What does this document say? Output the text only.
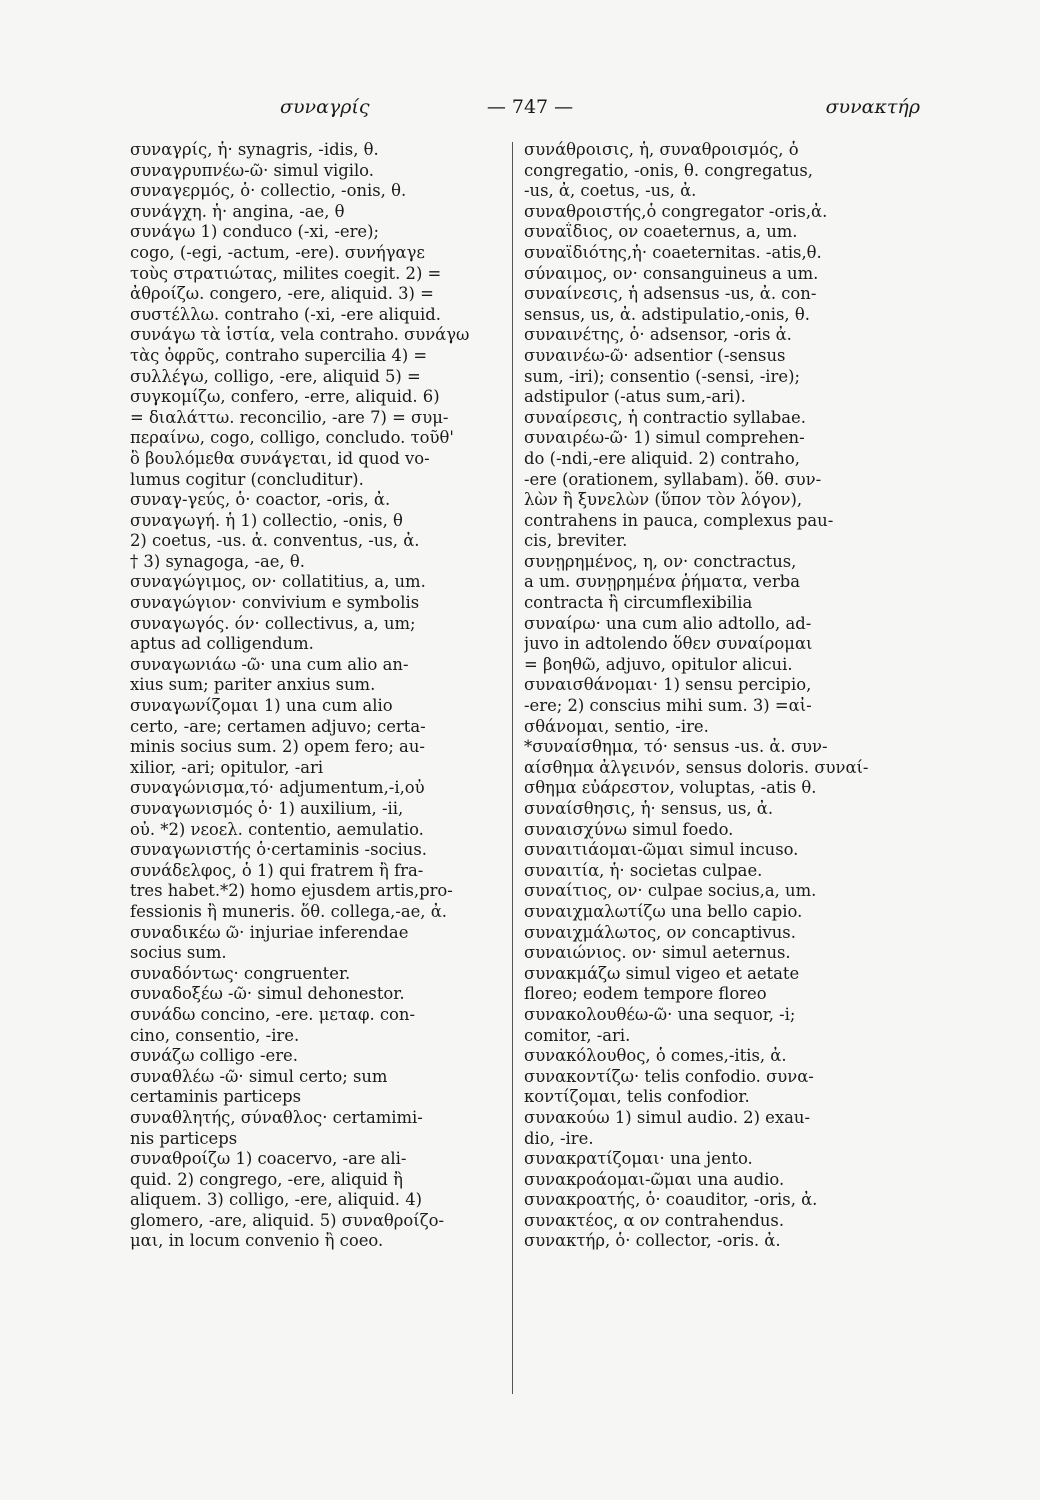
συναγρίς	— 747 —	συνακτήρ
συναγρίς, ἡ· synagris, -idis, θ.
συναγρυπνέω-ῶ· simul vigilo.
συναγερμός, ὁ· collectio, -onis, θ.
συνάγχη. ἡ· angina, -ae, θ
συνάγω 1) conduco (-xi, -ere);
cogo, (-egi, -actum, -ere). συνήγαγε
τοὺς στρατιώτας, milites coegit. 2) =
ἀθροίζω. congero, -ere, aliquid. 3) =
συστέλλω. contraho (-xi, -ere aliquid.
συνάγω τὰ ἱστία, vela contraho. συνάγω
τὰς ὀφρῦς, contraho supercilia 4) =
συλλέγω, colligo, -ere, aliquid 5) =
συγκομίζω, confero, -erre, aliquid. 6)
= διαλάττω. reconcilio, -are 7) = συμ-
περαίνω, cogo, colligo, concludo. τοῦθ'
ὃ βουλόμεθα συνάγεται, id quod vo-
lumus cogitur (concluditur).
συναγ-γεύς, ὁ· coactor, -oris, ἀ.
συναγωγή. ἡ 1) collectio, -onis, θ
2) coetus, -us. ἀ. conventus, -us, ἀ.
† 3) synagoga, -ae, θ.
συναγώγιμος, ον· collatitius, a, um.
συναγώγιον· convivium e symbolis
συναγωγός. όν· collectivus, a, um;
aptus ad colligendum.
συναγωνιάω -ῶ· una cum alio an-
xius sum; pariter anxius sum.
συναγωνίζομαι 1) una cum alio
certo, -are; certamen adjuvo; certa-
minis socius sum. 2) opem fero; au-
xilior, -ari; opitulor, -ari
συναγώνισμα,τό· adjumentum,-i,οὐ
συναγωνισμός ὁ· 1) auxilium, -ii,
οὐ. *2) νεοελ. contentio, aemulatio.
συναγωνιστής ὁ·certaminis -socius.
συνάδελφος, ὁ 1) qui fratrem ἢ fra-
tres habet.*2) homo ejusdem artis,pro-
fessionis ἢ muneris. ὅθ. collega,-ae, ἀ.
συναδικέω ῶ· injuriae inferendae
socius sum.
συναδόντως· congruenter.
συναδοξέω -ῶ· simul dehonestor.
συνάδω concino, -ere. μεταφ. con-
cino, consentio, -ire.
συνάζω colligo -ere.
συναθλέω -ῶ· simul certo; sum
certaminis particeps
συναθλητής, σύναθλος· certamimi-
nis particeps
συναθροίζω 1) coacervo, -are ali-
quid. 2) congrego, -ere, aliquid ἢ
aliquem. 3) colligo, -ere, aliquid. 4)
glomero, -are, aliquid. 5) συναθροίζο-
μαι, in locum convenio ἢ coeo.
συνάθροισις, ἡ, συναθροισμός, ὁ
congregatio, -onis, θ. congregatus,
-us, ἀ, coetus, -us, ἀ.
συναθροιστής,ὁ congregator -oris,ἀ.
συναΐδιος, ον coaeternus, a, um.
συναϊδιότης,ἡ· coaeternitas. -atis,θ.
σύναιμος, ον· consanguineus a um.
συναίνεσις, ἡ adsensus -us, ἀ. con-
sensus, us, ἀ. adstipulatio,-onis, θ.
συναινέτης, ὁ· adsensor, -oris ἀ.
συναινέω-ῶ· adsentior (-sensus
sum, -iri); consentio (-sensi, -ire);
adstipulor (-atus sum,-ari).
συναίρεσις, ἡ contractio syllabae.
συναιρέω-ῶ· 1) simul comprehen-
do (-ndi,-ere aliquid. 2) contraho,
-ere (orationem, syllabam). ὅθ. συν-
λὼν ἢ ξυνελὼν (ὕπον τὸν λόγον),
contrahens in pauca, complexus pau-
cis, breviter.
συνῃρημένος, η, ον· conctractus,
a um. συνῃρημένα ῥήματα, verba
contracta ἢ circumflexibilia
συναίρω· una cum alio adtollo, ad-
juvo in adtolendo ὅθεν συναίρομαι
= βοηθῶ, adjuvo, opitulor alicui.
συναισθάνομαι· 1) sensu percipio,
-ere; 2) conscius mihi sum. 3) =αἰ-
σθάνομαι, sentio, -ire.
*συναίσθημα, τό· sensus -us. ἀ. συν-
αίσθημα ἀλγεινόν, sensus doloris. συναί-
σθημα εὐάρεστον, voluptas, -atis θ.
συναίσθησις, ἡ· sensus, us, ἀ.
συναισχύνω simul foedo.
συναιτιάομαι-ῶμαι simul incuso.
συναιτία, ἡ· societas culpae.
συναίτιος, ον· culpae socius,a, um.
συναιχμαλωτίζω una bello capio.
συναιχμάλωτος, ον concaptivus.
συναιώνιος. ον· simul aeternus.
συνακμάζω simul vigeo et aetate
floreo; eodem tempore floreo
συνακολουθέω-ῶ· una sequor, -i;
comitor, -ari.
συνακόλουθος, ὁ comes,-itis, ἀ.
συνακοντίζω· telis confodio. συνα-
κοντίζομαι, telis confodior.
συνακούω 1) simul audio. 2) exau-
dio, -ire.
συνακρατίζομαι· una jento.
συνακροάομαι-ῶμαι una audio.
συνακροατής, ὁ· coauditor, -oris, ἀ.
συνακτέος, α ον contrahendus.
συνακτήρ, ὁ· collector, -oris. ἀ.
